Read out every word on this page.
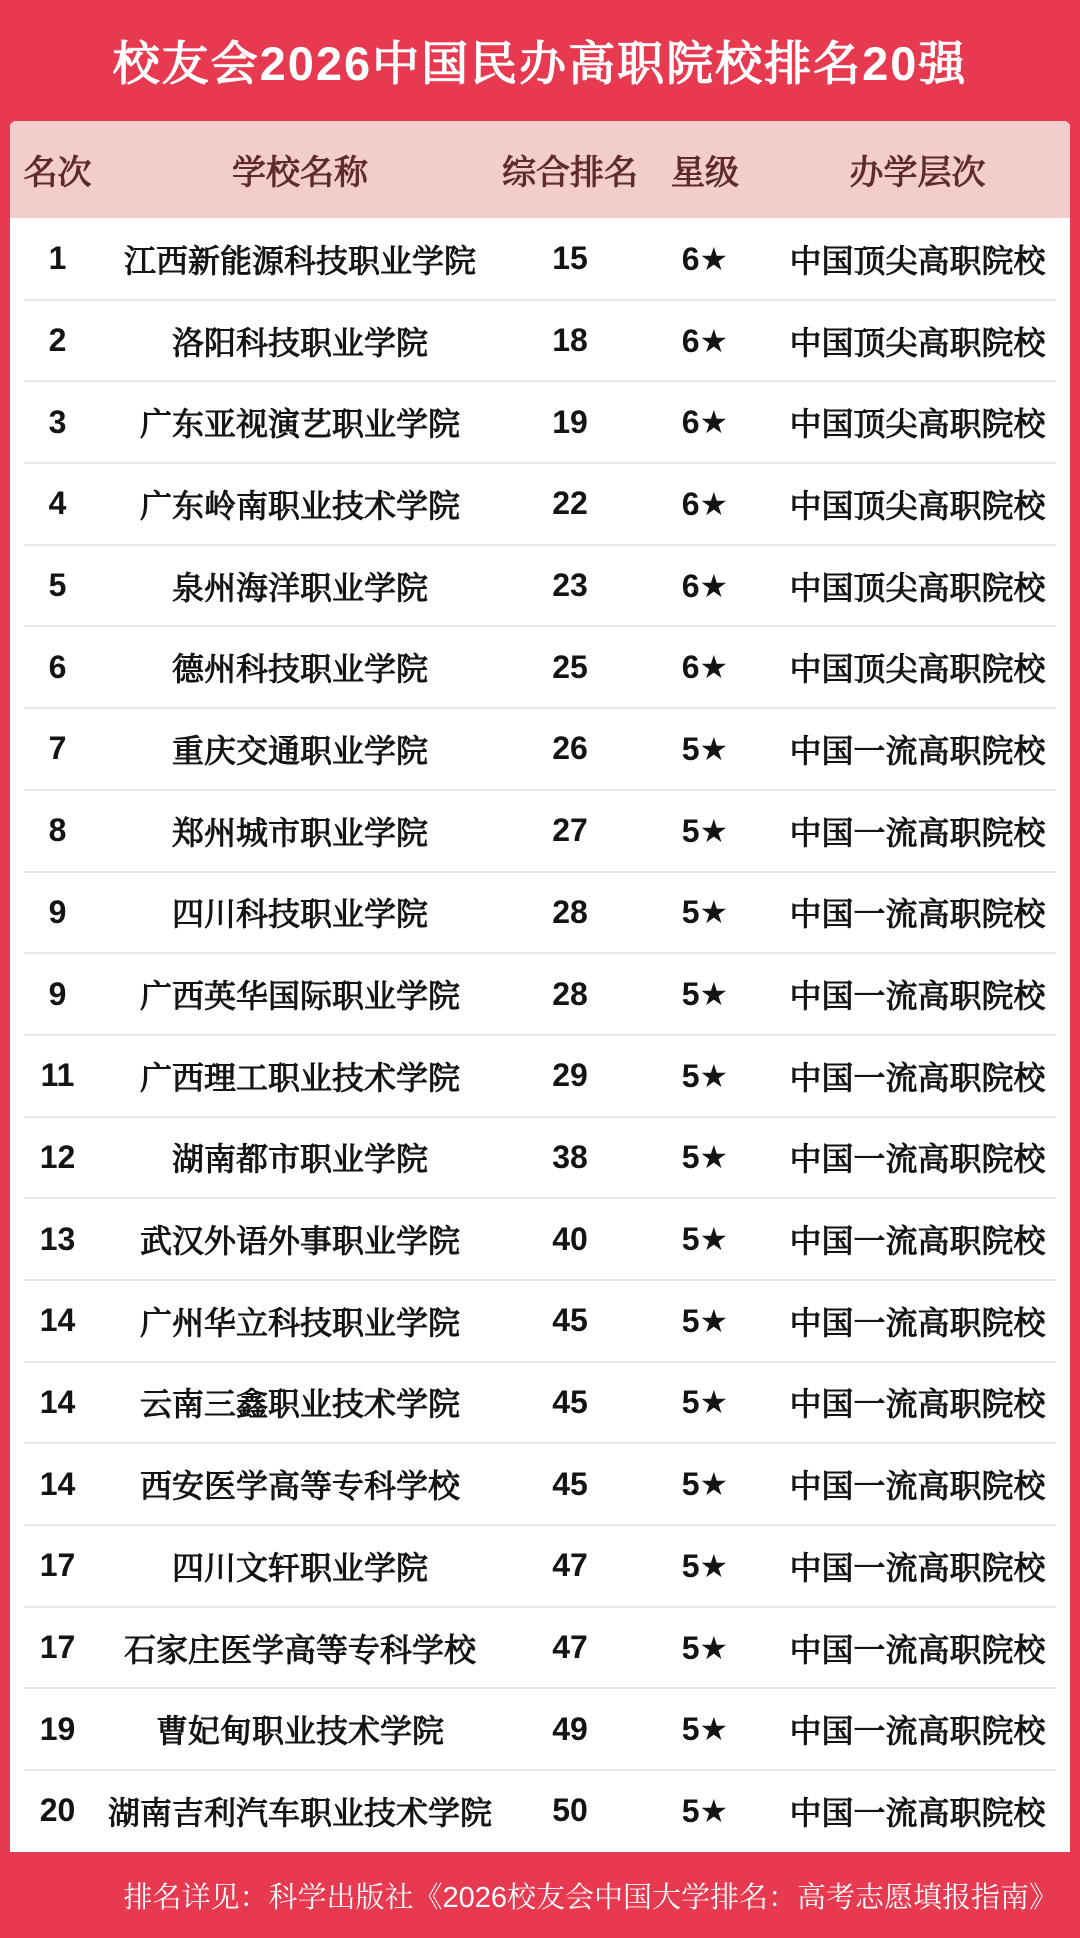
校友会2026中国民办高职院校排名20强
名次	学校名称	综合排名 星级	办学层次
1	江西新能源科技职业学院	15	6★	中国顶尖高职院校
2	洛阳科技职业学院	18	6★	中国顶尖高职院校
3	广东亚视演艺职业学院	19	6★	中国顶尖高职院校
4	广东岭南职业技术学院	22	6★	中国顶尖高职院校
5	泉州海洋职业学院	23	6★	中国顶尖高职院校
6	德州科技职业学院	25	6★	中国顶尖高职院校
7	重庆交通职业学院	26	5★	中国一流高职院校
8	郑州城市职业学院	27	5★	中国一流高职院校
9	四川科技职业学院	28	5★	中国一流高职院校
9	广西英华国际职业学院	28	5★	中国一流高职院校
11	广西理工职业技术学院	29	5★	中国一流高职院校
12	湖南都市职业学院	38	5★	中国一流高职院校
13	武汉外语外事职业学院	40	5★	中国一流高职院校
14	广州华立科技职业学院	45	5★	中国一流高职院校
14	云南三鑫职业技术学院	45	5★	中国一流高职院校
14	西安医学高等专科学校	45	5★	中国一流高职院校
17	四川文轩职业学院	47	5★	中国一流高职院校
17	石家庄医学高等专科学校	47	5★	中国一流高职院校
19	曹妃甸职业技术学院	49	5★	中国一流高职院校
20	湖南吉利汽车职业技术学院	50	5★	中国一流高职院校
排名详见：科学出版社《2026校友会中国大学排名：高考志愿填报指南》
